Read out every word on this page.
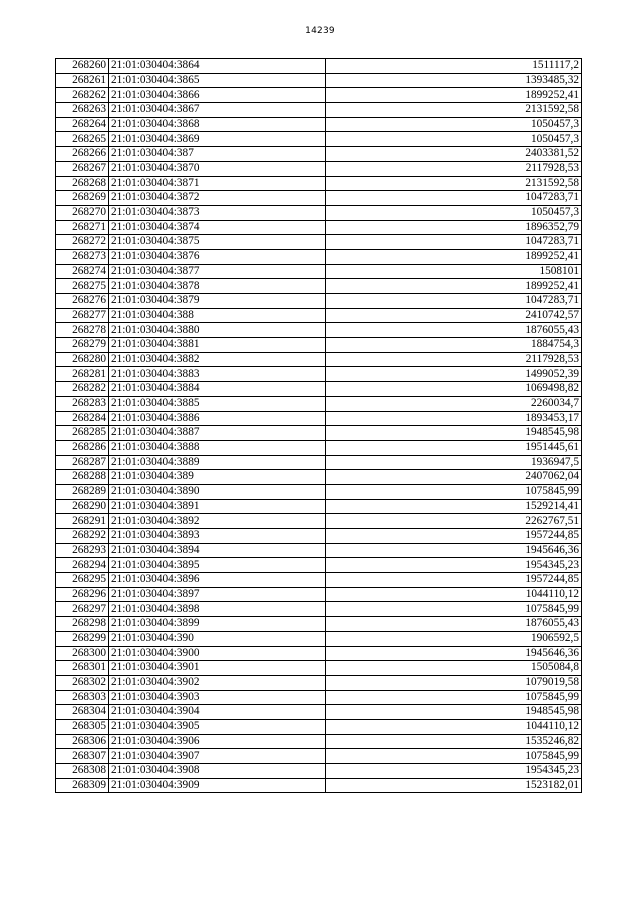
14239
268260	21:01:030404:3864	1511117,2
268261	21:01:030404:3865	1393485,32
268262	21:01:030404:3866	1899252,41
268263	21:01:030404:3867	2131592,58
268264	21:01:030404:3868	1050457,3
268265	21:01:030404:3869	1050457,3
268266	21:01:030404:387	2403381,52
268267	21:01:030404:3870	2117928,53
268268	21:01:030404:3871	2131592,58
268269	21:01:030404:3872	1047283,71
268270	21:01:030404:3873	1050457,3
268271	21:01:030404:3874	1896352,79
268272	21:01:030404:3875	1047283,71
268273	21:01:030404:3876	1899252,41
268274	21:01:030404:3877	1508101
268275	21:01:030404:3878	1899252,41
268276	21:01:030404:3879	1047283,71
268277	21:01:030404:388	2410742,57
268278	21:01:030404:3880	1876055,43
268279	21:01:030404:3881	1884754,3
268280	21:01:030404:3882	2117928,53
268281	21:01:030404:3883	1499052,39
268282	21:01:030404:3884	1069498,82
268283	21:01:030404:3885	2260034,7
268284	21:01:030404:3886	1893453,17
268285	21:01:030404:3887	1948545,98
268286	21:01:030404:3888	1951445,61
268287	21:01:030404:3889	1936947,5
268288	21:01:030404:389	2407062,04
268289	21:01:030404:3890	1075845,99
268290	21:01:030404:3891	1529214,41
268291	21:01:030404:3892	2262767,51
268292	21:01:030404:3893	1957244,85
268293	21:01:030404:3894	1945646,36
268294	21:01:030404:3895	1954345,23
268295	21:01:030404:3896	1957244,85
268296	21:01:030404:3897	1044110,12
268297	21:01:030404:3898	1075845,99
268298	21:01:030404:3899	1876055,43
268299	21:01:030404:390	1906592,5
268300	21:01:030404:3900	1945646,36
268301	21:01:030404:3901	1505084,8
268302	21:01:030404:3902	1079019,58
268303	21:01:030404:3903	1075845,99
268304	21:01:030404:3904	1948545,98
268305	21:01:030404:3905	1044110,12
268306	21:01:030404:3906	1535246,82
268307	21:01:030404:3907	1075845,99
268308	21:01:030404:3908	1954345,23
268309	21:01:030404:3909	1523182,01
